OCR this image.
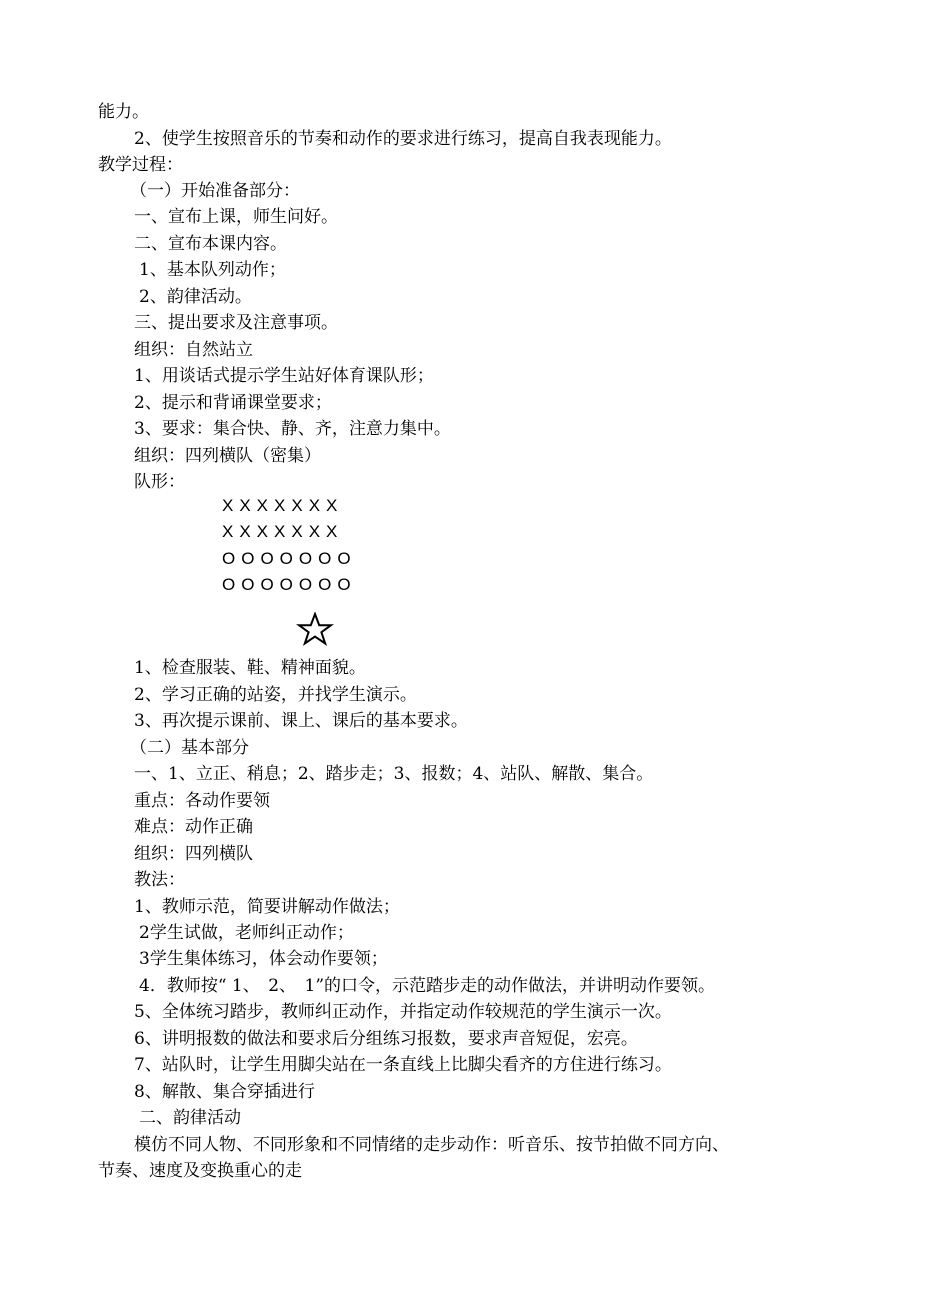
能力。
2、使学生按照音乐的节奏和动作的要求进行练习，提高自我表现能力。
教学过程：
（一）开始准备部分：
一、宣布上课，师生问好。
二、宣布本课内容。
1、基本队列动作；
2、韵律活动。
三、提出要求及注意事项。
组织：自然站立
1、用谈话式提示学生站好体育课队形；
2、提示和背诵课堂要求；
3、要求：集合快、静、齐，注意力集中。
组织：四列横队（密集）
队形：
XXXXXXX
XXXXXXX
OOOOOOO
OOOOOOO
1、检查服装、鞋、精神面貌。
2、学习正确的站姿，并找学生演示。
3、再次提示课前、课上、课后的基本要求。
（二）基本部分
一、1、立正、稍息；2、踏步走；3、报数；4、站队、解散、集合。
重点：各动作要领
难点：动作正确
组织：四列横队
教法：
1、教师示范，简要讲解动作做法；
2学生试做，老师纠正动作；
3学生集体练习，体会动作要领；
4．教师按“ 1、　2、　1”的口令，示范踏步走的动作做法，并讲明动作要领。
5、全体统习踏步，教师纠正动作，并指定动作较规范的学生演示一次。
6、讲明报数的做法和要求后分组练习报数，要求声音短促，宏亮。
7、站队时，让学生用脚尖站在一条直线上比脚尖看齐的方住进行练习。
8、解散、集合穿插进行
二、韵律活动
模仿不同人物、不同形象和不同情绪的走步动作：听音乐、按节拍做不同方向、
节奏、速度及变换重心的走
